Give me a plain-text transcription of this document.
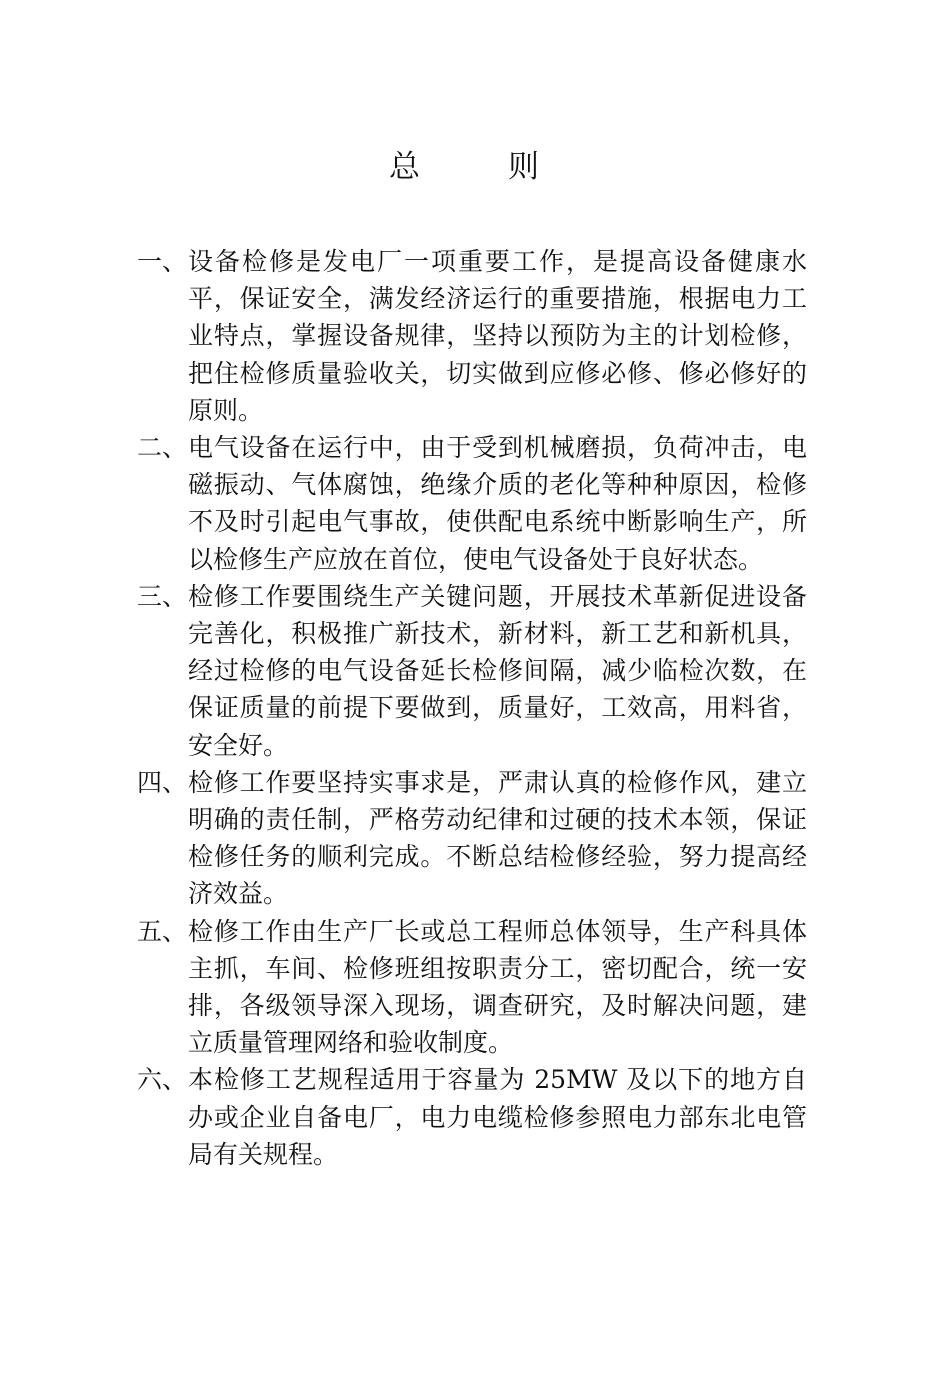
总	则
一、 设备检修是发电厂一项重要工作，是提高设备健康水平，保证安全，满发经济运行的重要措施，根据电力工业特点，掌握设备规律，坚持以预防为主的计划检修，把住检修质量验收关，切实做到应修必修、修必修好的原则。
二、 电气设备在运行中，由于受到机械磨损，负荷冲击，电磁振动、气体腐蚀，绝缘介质的老化等种种原因，检修不及时引起电气事故，使供配电系统中断影响生产，所以检修生产应放在首位，使电气设备处于良好状态。
三、 检修工作要围绕生产关键问题，开展技术革新促进设备完善化，积极推广新技术，新材料，新工艺和新机具，经过检修的电气设备延长检修间隔，减少临检次数，在保证质量的前提下要做到，质量好，工效高，用料省，安全好。
四、 检修工作要坚持实事求是，严肃认真的检修作风，建立明确的责任制，严格劳动纪律和过硬的技术本领，保证检修任务的顺利完成。不断总结检修经验，努力提高经济效益。
五、 检修工作由生产厂长或总工程师总体领导，生产科具体主抓，车间、检修班组按职责分工，密切配合，统一安排，各级领导深入现场，调查研究，及时解决问题，建立质量管理网络和验收制度。
六、 本检修工艺规程适用于容量为 25MW 及以下的地方自办或企业自备电厂，电力电缆检修参照电力部东北电管局有关规程。
